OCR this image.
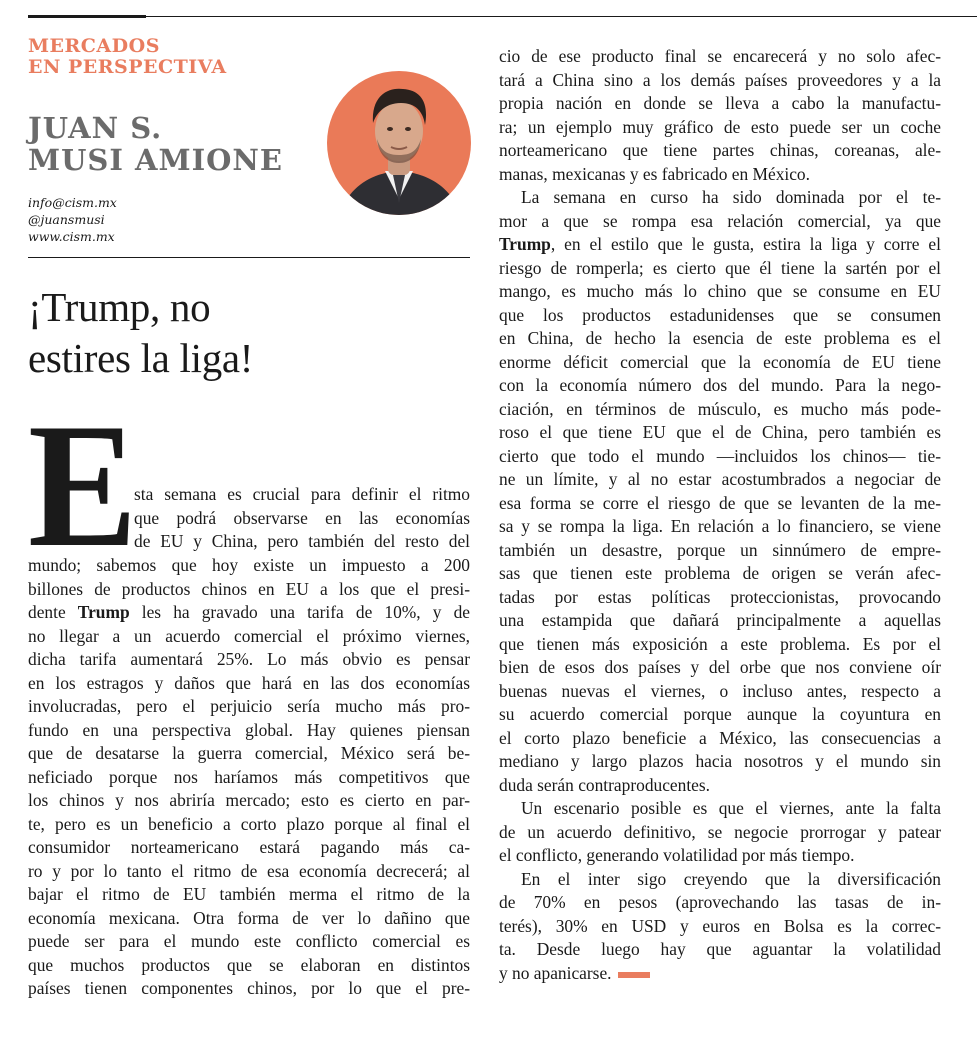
MERCADOS
EN PERSPECTIVA
JUAN S.
MUSI AMIONE
info@cism.mx
@juansmusi
www.cism.mx
¡Trump, no
estires la liga!
E
sta semana es crucial para definir el ritmo
que podrá observarse en las economías
de EU y China, pero también del resto del
mundo; sabemos que hoy existe un impuesto a 200
billones de productos chinos en EU a los que el presi-
dente Trump les ha gravado una tarifa de 10%, y de
no llegar a un acuerdo comercial el próximo viernes,
dicha tarifa aumentará 25%. Lo más obvio es pensar
en los estragos y daños que hará en las dos economías
involucradas, pero el perjuicio sería mucho más pro-
fundo en una perspectiva global. Hay quienes piensan
que de desatarse la guerra comercial, México será be-
neficiado porque nos haríamos más competitivos que
los chinos y nos abriría mercado; esto es cierto en par-
te, pero es un beneficio a corto plazo porque al final el
consumidor norteamericano estará pagando más ca-
ro y por lo tanto el ritmo de esa economía decrecerá; al
bajar el ritmo de EU también merma el ritmo de la
economía mexicana. Otra forma de ver lo dañino que
puede ser para el mundo este conflicto comercial es
que muchos productos que se elaboran en distintos
países tienen componentes chinos, por lo que el pre-
cio de ese producto final se encarecerá y no solo afec-
tará a China sino a los demás países proveedores y a la
propia nación en donde se lleva a cabo la manufactu-
ra; un ejemplo muy gráfico de esto puede ser un coche
norteamericano que tiene partes chinas, coreanas, ale-
manas, mexicanas y es fabricado en México.
La semana en curso ha sido dominada por el te-
mor a que se rompa esa relación comercial, ya que
Trump, en el estilo que le gusta, estira la liga y corre el
riesgo de romperla; es cierto que él tiene la sartén por el
mango, es mucho más lo chino que se consume en EU
que los productos estadunidenses que se consumen
en China, de hecho la esencia de este problema es el
enorme déficit comercial que la economía de EU tiene
con la economía número dos del mundo. Para la nego-
ciación, en términos de músculo, es mucho más pode-
roso el que tiene EU que el de China, pero también es
cierto que todo el mundo —incluidos los chinos— tie-
ne un límite, y al no estar acostumbrados a negociar de
esa forma se corre el riesgo de que se levanten de la me-
sa y se rompa la liga. En relación a lo financiero, se viene
también un desastre, porque un sinnúmero de empre-
sas que tienen este problema de origen se verán afec-
tadas por estas políticas proteccionistas, provocando
una estampida que dañará principalmente a aquellas
que tienen más exposición a este problema. Es por el
bien de esos dos países y del orbe que nos conviene oír
buenas nuevas el viernes, o incluso antes, respecto a
su acuerdo comercial porque aunque la coyuntura en
el corto plazo beneficie a México, las consecuencias a
mediano y largo plazos hacia nosotros y el mundo sin
duda serán contraproducentes.
Un escenario posible es que el viernes, ante la falta
de un acuerdo definitivo, se negocie prorrogar y patear
el conflicto, generando volatilidad por más tiempo.
En el inter sigo creyendo que la diversificación
de 70% en pesos (aprovechando las tasas de in-
terés), 30% en USD y euros en Bolsa es la correc-
ta. Desde luego hay que aguantar la volatilidad
y no apanicarse.
